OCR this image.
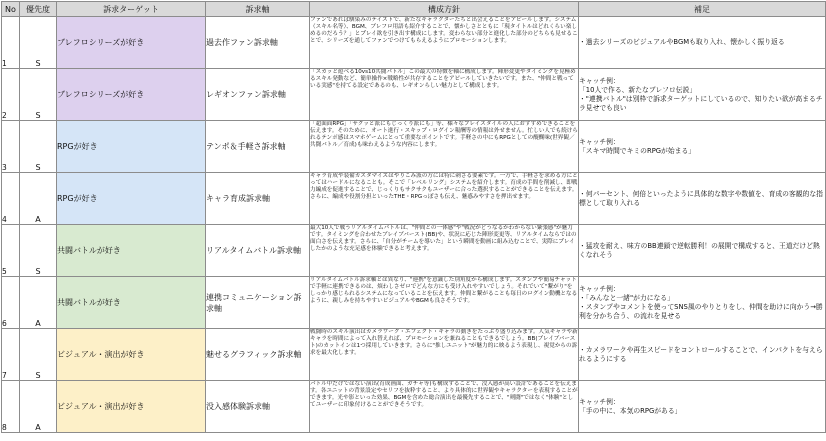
No	優先度	訴求ターゲット	訴求軸	構成方針	補足
1	S	ブレフロシリーズが好き	過去作ファン訴求軸	ファンであれば馴染みのテイストで、新たなキャラクターたちと出会えることをアピールします。システム（スキル名等）、BGM、ブレフロ用語も紹介することで、懐かしさとともに「現タイトルはどれくらい楽しめるのだろう？」とプレイ欲を引き出す構成にします。変わらない部分と進化した部分のどちらも見せることで、シリーズを通してファンでつけてもらえるようにプロモーションします。	・過去シリーズのビジュアルやBGMも取り入れ、懐かしく振り返る

2	S	ブレフロシリーズが好き	レギオンファン訴求軸	「スカッと遊べる10vs10共闘バトル」この最大の特徴を軸に構成します。陣形変更やタイミングを見極めるスキル発動など、簡単操作×戦略性が共存することをアピールしていきたいです。また、"仲間と戦っている実感"を持てる設定であるのも、レギオンらしい魅力として構成します。	キャッチ例：
「10人で作る、新たなブレフロ伝説」
・"連携バトル"は別枠で訴求ターゲットにしているので、知りたい欲が高まるチラ見せでも良い

3	S	RPGが好き	テンポ＆手軽さ訴求軸	「超面面RPG」「サクッと派にもじっくり派にも」等、様々なプレイスタイルの人におすすめできることを伝えます。そのために、オート進行・スキップ・ログイン報酬等の情報は外せません。忙しい人でも続けられるテンポ感はスマホゲームにとって重要なポイントです。手軽さの中にもRPGとしての醍醐味(世界観／共闘バトル／育成)も味わえるような内容にします。	キャッチ例：
「スキマ時間でキミのRPGが始まる」

4	A	RPGが好き	キャラ育成訴求軸	キャラ育成や装備カスタマイズはやりこみ派の方には特に刺さる要素です。一方で、手軽さを求める方にとってはハードルになることも。そこで「レベルリング」システムを紹介します。育成の手間を削減し、即戦力編成を促進することで、じっくりもサクサクもユーザーに合った選択することができることを伝えます。さらに、編成や役割分担といったTHE・RPGっぽさも伝え、魅惑みやすさを押出せます。	・何パーセント、何倍といったように具体的な数字や数値を、育成の客観的な指標として取り入れる

5	S	共闘バトルが好き	リアルタイムバトル訴求軸	最大10人で戦うリアルタイムバトルは、"仲間との一体感"や"戦況がどうなるかわからない緊張感"が魅力です。タイミングを合わせたブレイブバースト(BB)や、状況に応じた陣形変更等、リアルタイムならではの面白さを伝えます。さらに、「自分がチームを導いた」という瞬間を動画に組み込むことで、実際にプレイしたかのような充足感を体験できると考えます。	・猛攻を耐え、味方のBB連鎖で逆転勝利！の展開で構成すると、王道だけど熱くなれそう

6	A	共闘バトルが好き	連携コミュニケーション訴求軸	リアルタイムバトル訴求軸とは異なり、"連携"を意識した別角度から構成します。スタンプや簡易チャットで手軽に連携できるのは、煩わしさゼロでどんな方にも受け入れやすいでしょう。それでいて"繋がり"をしっかり感じられるシステムになっていることを伝えます。仲間と繋がることも毎日のログイン動機となるように、親しみを持ちやすいビジュアルやBGMも良さそうです。	キャッチ例：
・「みんなと一緒"が力になる」
・スタンプやコメントを使ってSNS風のやりとりをし、仲間を助けに向かう→勝利を分かち合う、の流れを見せる

7	S	ビジュアル・演出が好き	魅せるグラフィック訴求軸	戦闘時のスキル演出はカメラワーク・エフェクト・キャラの動きをたっぷり盛り込みます。人気キャラや新キャラを時間によって入れ替えれば、プロモーションを兼ねることもできるでしょう。BB(ブレイブバースト)のカットインは1つ採用していきます。さらに"推しユニット"が魅力的に映るよう表現し、視覚からの訴求を最大化します。	・カメラワークや再生スピードをコントロールすることで、インパクトを与えられるようにする

8	A	ビジュアル・演出が好き	没入感体験訴求軸	バトル中だけではない演出(育成画面、ガチャ等)も構成することで、没入感が高い設計であることを伝えます。各ユニットの背景設定やセリフを抜粋すること、より具体的に世界観やキャラクターを表現することができます。光や影といった効果、BGMを含めた総合演出を最優先することで、"剣闘"ではなく"体験"としてユーザーに印象付けることができそうです。	キャッチ例：
「手の中に、本気のRPGがある」
